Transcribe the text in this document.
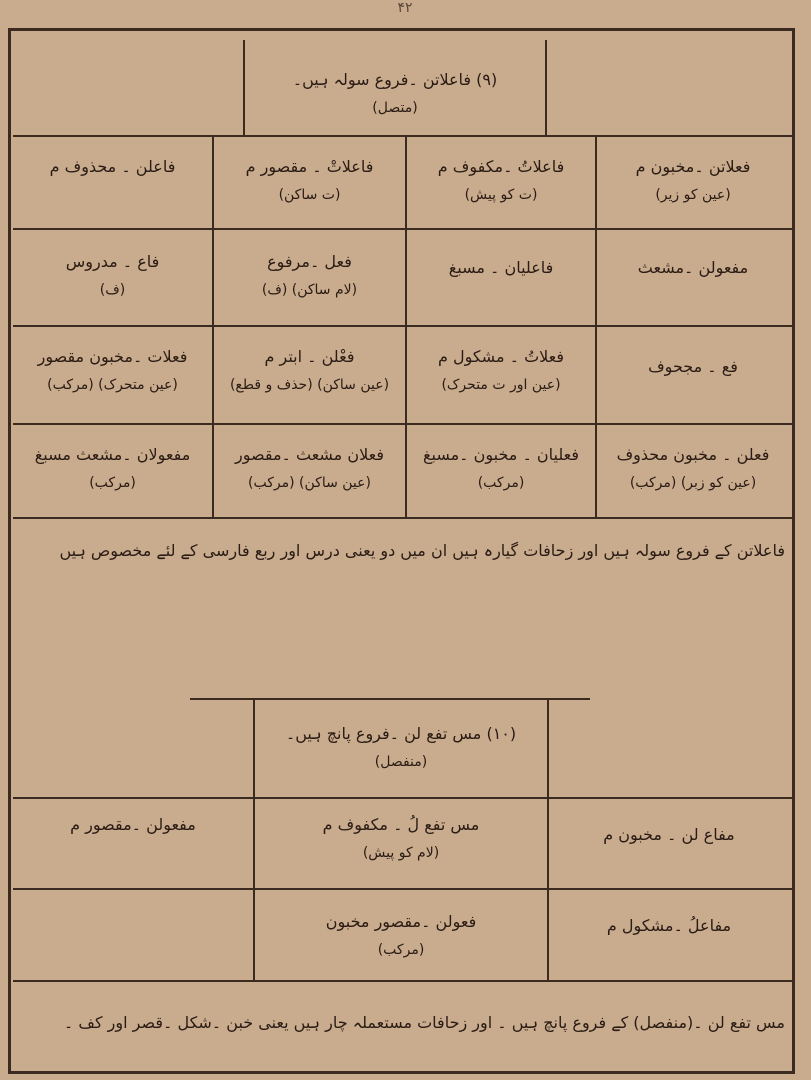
۴۲
(۹) فاعلاتن ۔فروع سولہ ہیں۔
(متصل)
فعلاتن ۔مخبون م
(عین کو زیر)
فاعلاتُ ۔مکفوف م
(ت کو پیش)
فاعلاتْ ۔ مقصور م
(ت ساکن)
فاعلن ۔ محذوف م
مفعولن ۔مشعث
فاعلیان ۔ مسبغ
فعل ۔مرفوع
(لام ساکن) (ف)
فاع ۔ مدروس
(ف)
فع ۔ مجحوف
فعلاتُ ۔ مشکول م
(عین اور ت متحرک)
فعْلن ۔ ابتر م
(عین ساکن) (حذف و قطع)
فعلات ۔مخبون مقصور
(عین متحرک) (مرکب)
فعلن ۔ مخبون محذوف
(عین کو زبر) (مرکب)
فعلیان ۔ مخبون ۔مسبغ
(مرکب)
فعلان مشعث ۔مقصور
(عین ساکن) (مرکب)
مفعولان ۔مشعث مسبغ
(مرکب)
فاعلاتن کے فروع سولہ ہیں اور زحافات گیارہ ہیں ان میں دو یعنی درس اور ربع فارسی کے لئے مخصوص ہیں
(۱۰) مس تفع لن ۔فروع پانچ ہیں۔
(منفصل)
مفاع لن ۔ مخبون م
مس تفع لُ ۔ مکفوف م
(لام کو پیش)
مفعولن ۔مقصور م
مفاعلُ ۔مشکول م
فعولن ۔مقصور مخبون
(مرکب)
مس تفع لن ۔(منفصل) کے فروع پانچ ہیں ۔ اور زحافات مستعملہ چار ہیں یعنی خبن ۔شکل ۔قصر اور کف ۔
